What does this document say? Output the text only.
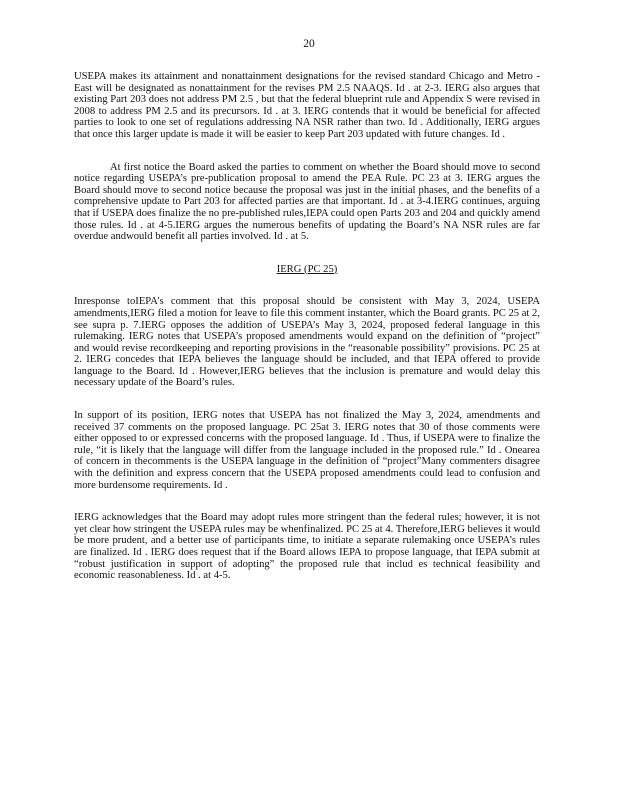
20

USEPA makes its attainment and nonattainment designations for the revised standard Chicago and Metro -East will be designated as nonattainment for the revises PM 2.5 NAAQS. Id . at 2-3. IERG also argues that existing Part 203 does not address PM 2.5 , but that the federal blueprint rule and Appendix S were revised in 2008 to address PM 2.5 and its precursors. Id . at 3. IERG contends that it would be beneficial for affected parties to look to one set of regulations addressing NA NSR rather than two. Id . Additionally, IERG argues that once this larger update is made it will be easier to keep Part 203 updated with future changes. Id .

At first notice the Board asked the parties to comment on whether the Board should move to second notice regarding USEPA’s pre-publication proposal to amend the PEA Rule. PC 23 at 3. IERG argues the Board should move to second notice because the proposal was just in the initial phases, and the benefits of a comprehensive update to Part 203 for affected parties are that important. Id . at 3-4.IERG continues, arguing that if USEPA does finalize the no pre-published rules,IEPA could open Parts 203 and 204 and quickly amend those rules. Id . at 4-5.IERG argues the numerous benefits of updating the Board’s NA NSR rules are far overdue andwould benefit all parties involved. Id . at 5.

IERG (PC 25)

Inresponse toIEPA’s comment that this proposal should be consistent with May 3, 2024, USEPA amendments,IERG filed a motion for leave to file this comment instanter, which the Board grants. PC 25 at 2, see supra p. 7.IERG opposes the addition of USEPA’s May 3, 2024, proposed federal language in this rulemaking. IERG notes that USEPA’s proposed amendments would expand on the definition of “project” and would revise recordkeeping and reporting provisions in the “reasonable possibility” provisions. PC 25 at 2. IERG concedes that IEPA believes the language should be included, and that IEPA offered to provide language to the Board. Id . However,IERG believes that the inclusion is premature and would delay this necessary update of the Board’s rules.

In support of its position, IERG notes that USEPA has not finalized the May 3, 2024, amendments and received 37 comments on the proposed language. PC 25at 3. IERG notes that 30 of those comments were either opposed to or expressed concerns with the proposed language. Id . Thus, if USEPA were to finalize the rule, “it is likely that the language will differ from the language included in the proposed rule.” Id . Onearea of concern in thecomments is the USEPA language in the definition of “project”Many commenters disagree with the definition and express concern that the USEPA proposed amendments could lead to confusion and more burdensome requirements. Id .

IERG acknowledges that the Board may adopt rules more stringent than the federal rules; however, it is not yet clear how stringent the USEPA rules may be whenfinalized. PC 25 at 4. Therefore,IERG believes it would be more prudent, and a better use of participants time, to initiate a separate rulemaking once USEPA’s rules are finalized. Id . IERG does request that if the Board allows IEPA to propose language, that IEPA submit at “robust justification in support of adopting” the proposed rule that includ es technical feasibility and economic reasonableness. Id . at 4-5.
